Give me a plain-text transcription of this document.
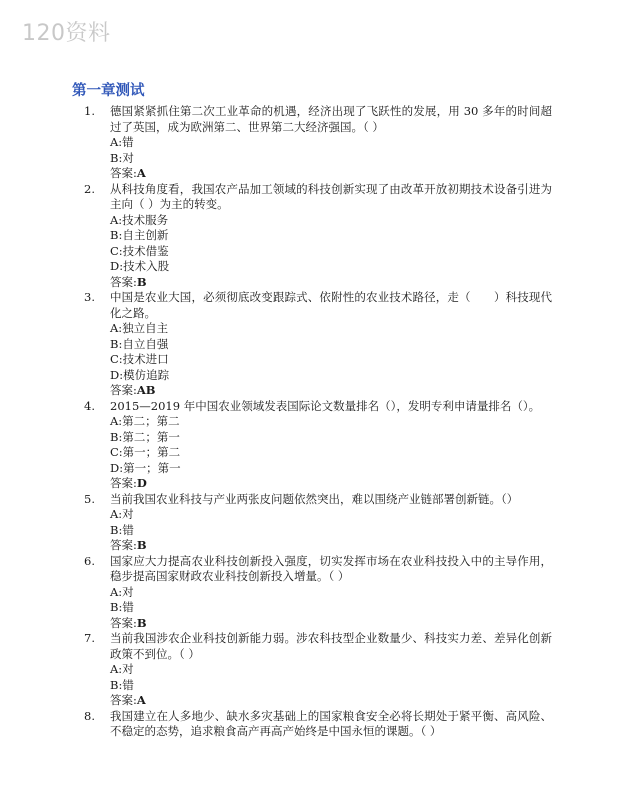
120资料
第一章测试
1. 德国紧紧抓住第二次工业革命的机遇，经济出现了飞跃性的发展，用 30 多年的时间超过了英国，成为欧洲第二、世界第二大经济强国。（ ）
A:错
B:对
答案:A
2. 从科技角度看，我国农产品加工领域的科技创新实现了由改革开放初期技术设备引进为主向（ ）为主的转变。
A:技术服务
B:自主创新
C:技术借鉴
D:技术入股
答案:B
3. 中国是农业大国，必须彻底改变跟踪式、依附性的农业技术路径，走（　　）科技现代化之路。
A:独立自主
B:自立自强
C:技术进口
D:模仿追踪
答案:AB
4. 2015—2019 年中国农业领域发表国际论文数量排名（），发明专利申请量排名（）。
A:第二；第二
B:第二；第一
C:第一；第二
D:第一；第一
答案:D
5. 当前我国农业科技与产业两张皮问题依然突出，难以围绕产业链部署创新链。（）
A:对
B:错
答案:B
6. 国家应大力提高农业科技创新投入强度，切实发挥市场在农业科技投入中的主导作用，稳步提高国家财政农业科技创新投入增量。（ ）
A:对
B:错
答案:B
7. 当前我国涉农企业科技创新能力弱。涉农科技型企业数量少、科技实力差、差异化创新政策不到位。（ ）
A:对
B:错
答案:A
8. 我国建立在人多地少、缺水多灾基础上的国家粮食安全必将长期处于紧平衡、高风险、不稳定的态势，追求粮食高产再高产始终是中国永恒的课题。（ ）
